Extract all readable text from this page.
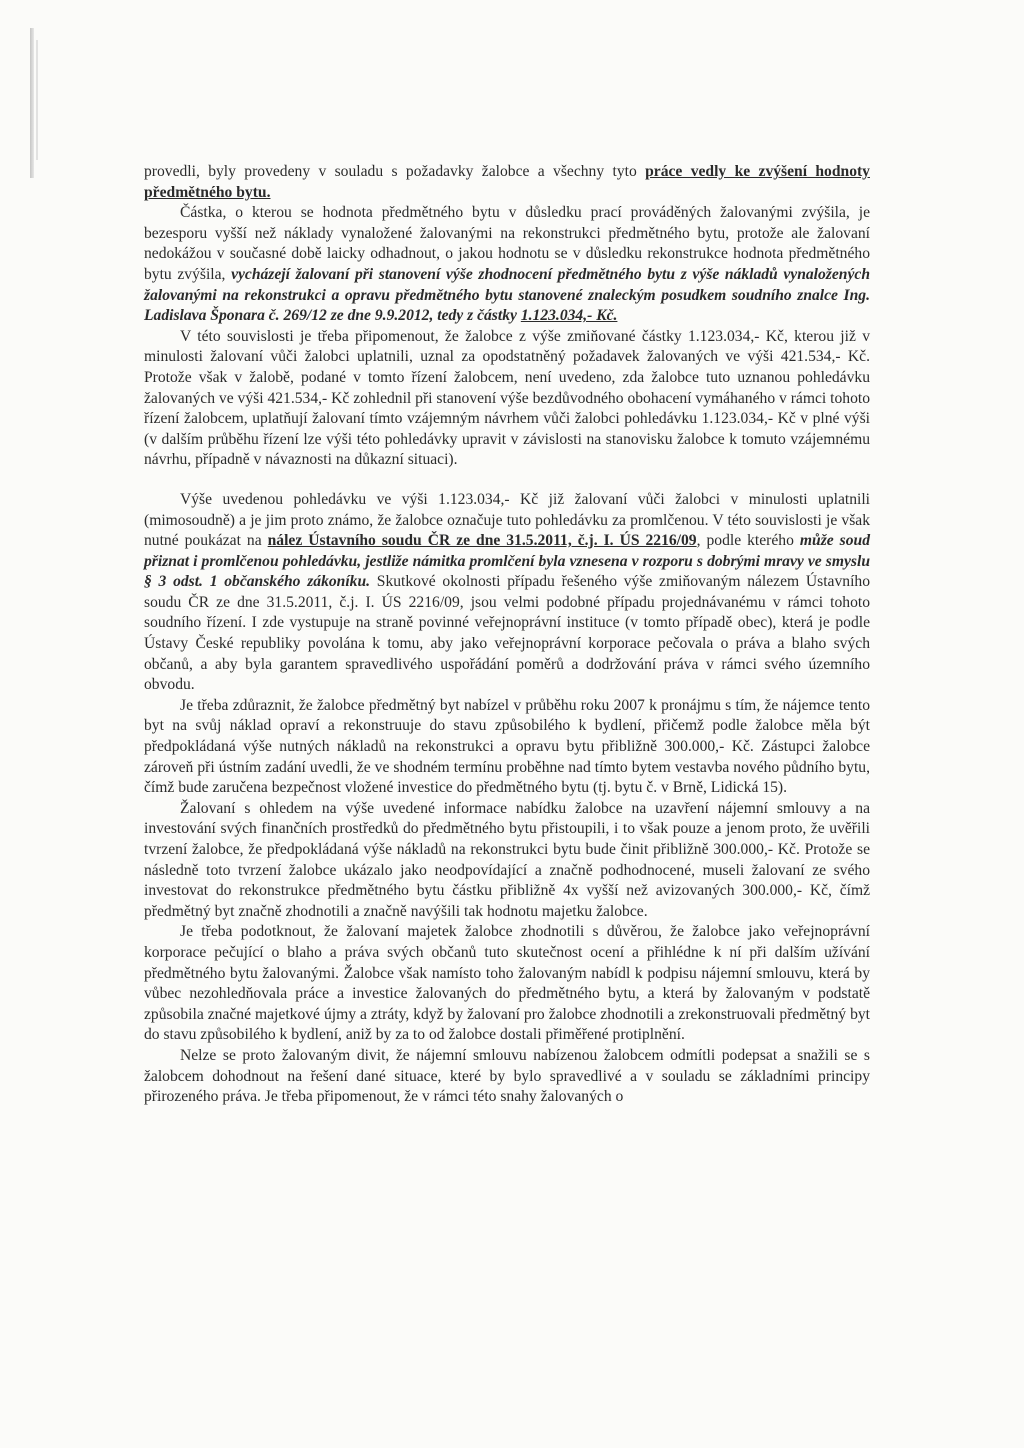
provedli, byly provedeny v souladu s požadavky žalobce a všechny tyto práce vedly ke zvýšení hodnoty předmětného bytu.

Částka, o kterou se hodnota předmětného bytu v důsledku prací prováděných žalovanými zvýšila, je bezesporu vyšší než náklady vynaložené žalovanými na rekonstrukci předmětného bytu, protože ale žalovaní nedokážou v současné době laicky odhadnout, o jakou hodnotu se v důsledku rekonstrukce hodnota předmětného bytu zvýšila, vycházejí žalovaní při stanovení výše zhodnocení předmětného bytu z výše nákladů vynaložených žalovanými na rekonstrukci a opravu předmětného bytu stanovené znaleckým posudkem soudního znalce Ing. Ladislava Šponara č. 269/12 ze dne 9.9.2012, tedy z částky 1.123.034,- Kč.

V této souvislosti je třeba připomenout, že žalobce z výše zmiňované částky 1.123.034,- Kč, kterou již v minulosti žalovaní vůči žalobci uplatnili, uznal za opodstatněný požadavek žalovaných ve výši 421.534,- Kč. Protože však v žalobě, podané v tomto řízení žalobcem, není uvedeno, zda žalobce tuto uznanou pohledávku žalovaných ve výši 421.534,- Kč zohlednil při stanovení výše bezdůvodného obohacení vymáhaného v rámci tohoto řízení žalobcem, uplatňují žalovaní tímto vzájemným návrhem vůči žalobci pohledávku 1.123.034,- Kč v plné výši (v dalším průběhu řízení lze výši této pohledávky upravit v závislosti na stanovisku žalobce k tomuto vzájemnému návrhu, případně v návaznosti na důkazní situaci).

Výše uvedenou pohledávku ve výši 1.123.034,- Kč již žalovaní vůči žalobci v minulosti uplatnili (mimosoudně) a je jim proto známo, že žalobce označuje tuto pohledávku za promlčenou. V této souvislosti je však nutné poukázat na nález Ústavního soudu ČR ze dne 31.5.2011, č.j. I. ÚS 2216/09, podle kterého může soud přiznat i promlčenou pohledávku, jestliže námitka promlčení byla vznesena v rozporu s dobrými mravy ve smyslu § 3 odst. 1 občanského zákoníku. Skutkové okolnosti případu řešeného výše zmiňovaným nálezem Ústavního soudu ČR ze dne 31.5.2011, č.j. I. ÚS 2216/09, jsou velmi podobné případu projednávanému v rámci tohoto soudního řízení. I zde vystupuje na straně povinné veřejnoprávní instituce (v tomto případě obec), která je podle Ústavy České republiky povolána k tomu, aby jako veřejnoprávní korporace pečovala o práva a blaho svých občanů, a aby byla garantem spravedlivého uspořádání poměrů a dodržování práva v rámci svého územního obvodu.

Je třeba zdůraznit, že žalobce předmětný byt nabízel v průběhu roku 2007 k pronájmu s tím, že nájemce tento byt na svůj náklad opraví a rekonstruuje do stavu způsobilého k bydlení, přičemž podle žalobce měla být předpokládaná výše nutných nákladů na rekonstrukci a opravu bytu přibližně 300.000,- Kč. Zástupci žalobce zároveň při ústním zadání uvedli, že ve shodném termínu proběhne nad tímto bytem vestavba nového půdního bytu, čímž bude zaručena bezpečnost vložené investice do předmětného bytu (tj. bytu č. v Brně, Lidická 15).

Žalovaní s ohledem na výše uvedené informace nabídku žalobce na uzavření nájemní smlouvy a na investování svých finančních prostředků do předmětného bytu přistoupili, i to však pouze a jenom proto, že uvěřili tvrzení žalobce, že předpokládaná výše nákladů na rekonstrukci bytu bude činit přibližně 300.000,- Kč. Protože se následně toto tvrzení žalobce ukázalo jako neodpovídající a značně podhodnocené, museli žalovaní ze svého investovat do rekonstrukce předmětného bytu částku přibližně 4x vyšší než avizovaných 300.000,- Kč, čímž předmětný byt značně zhodnotili a značně navýšili tak hodnotu majetku žalobce.

Je třeba podotknout, že žalovaní majetek žalobce zhodnotili s důvěrou, že žalobce jako veřejnoprávní korporace pečující o blaho a práva svých občanů tuto skutečnost ocení a přihlédne k ní při dalším užívání předmětného bytu žalovanými. Žalobce však namísto toho žalovaným nabídl k podpisu nájemní smlouvu, která by vůbec nezohledňovala práce a investice žalovaných do předmětného bytu, a která by žalovaným v podstatě způsobila značné majetkové újmy a ztráty, když by žalovaní pro žalobce zhodnotili a zrekonstruovali předmětný byt do stavu způsobilého k bydlení, aniž by za to od žalobce dostali přiměřené protiplnění.

Nelze se proto žalovaným divit, že nájemní smlouvu nabízenou žalobcem odmítli podepsat a snažili se s žalobcem dohodnout na řešení dané situace, které by bylo spravedlivé a v souladu se základními principy přirozeného práva. Je třeba připomenout, že v rámci této snahy žalovaných o
